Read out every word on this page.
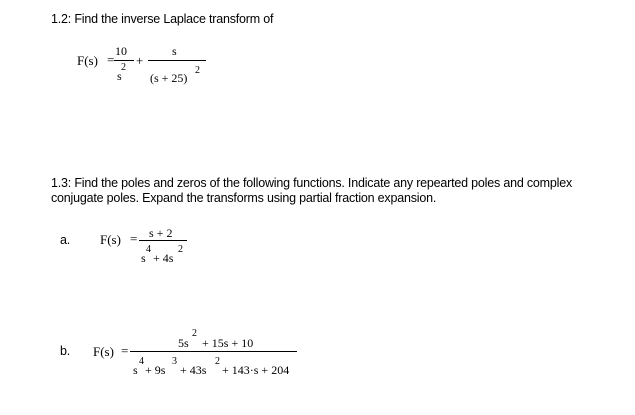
1.2: Find the inverse Laplace transform of
F(s) =
10
s
2 +
s
(s + 25)
2
1.3: Find the poles and zeros of the following functions. Indicate any repearted poles and complex
conjugate poles. Expand the transforms using partial fraction expansion.
a. F(s) = s + 2
4
s + 4s
2
b. F(s) =	5s
2
+ 15s + 10
4
s + 9s
3
+ 43s
2
+ 143·s + 204
